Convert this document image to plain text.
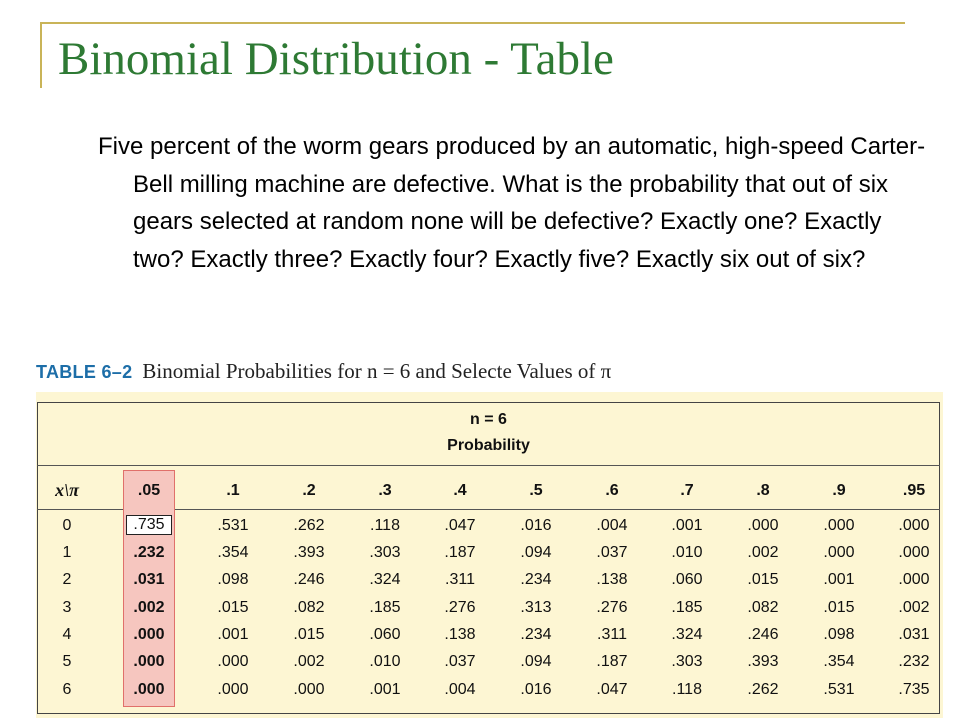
Binomial Distribution - Table
Five percent of the worm gears produced by an automatic, high-speed Carter-Bell milling machine are defective. What is the probability that out of six gears selected at random none will be defective? Exactly one? Exactly two? Exactly three? Exactly four? Exactly five? Exactly six out of six?
TABLE 6–2 Binomial Probabilities for n = 6 and Selecte Values of π
n = 6
Probability
x\π	.05	.1	.2	.3	.4	.5	.6	.7	.8	.9	.95
0	.735	.531	.262	.118	.047	.016	.004	.001	.000	.000	.000
1	.232	.354	.393	.303	.187	.094	.037	.010	.002	.000	.000
2	.031	.098	.246	.324	.311	.234	.138	.060	.015	.001	.000
3	.002	.015	.082	.185	.276	.313	.276	.185	.082	.015	.002
4	.000	.001	.015	.060	.138	.234	.311	.324	.246	.098	.031
5	.000	.000	.002	.010	.037	.094	.187	.303	.393	.354	.232
6	.000	.000	.000	.001	.004	.016	.047	.118	.262	.531	.735
